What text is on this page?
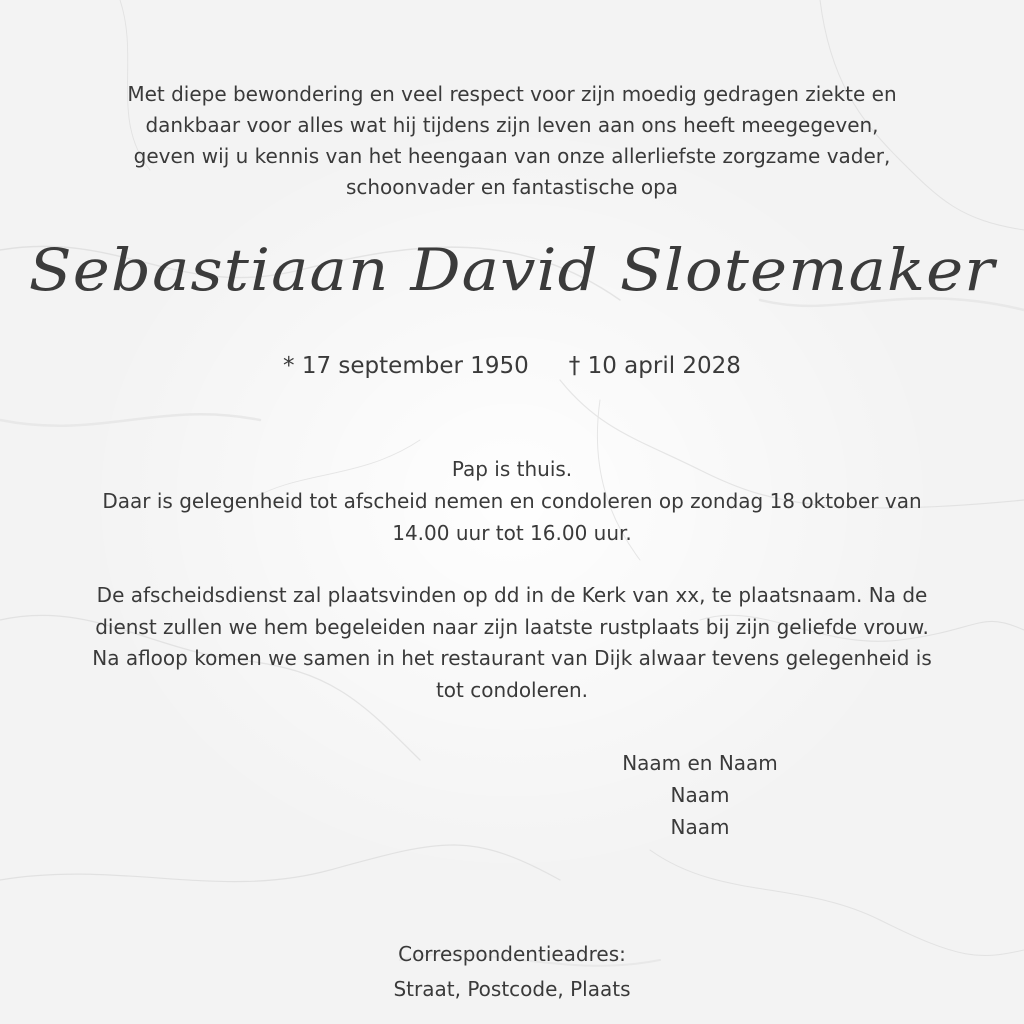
Met diepe bewondering en veel respect voor zijn moedig gedragen ziekte en
dankbaar voor alles wat hij tijdens zijn leven aan ons heeft meegegeven,
geven wij u kennis van het heengaan van onze allerliefste zorgzame vader,
schoonvader en fantastische opa
Sebastiaan David Slotemaker
* 17 september 1950 † 10 april 2028
Pap is thuis.
Daar is gelegenheid tot afscheid nemen en condoleren op zondag 18 oktober van
14.00 uur tot 16.00 uur.
De afscheidsdienst zal plaatsvinden op dd in de Kerk van xx, te plaatsnaam. Na de
dienst zullen we hem begeleiden naar zijn laatste rustplaats bij zijn geliefde vrouw.
Na afloop komen we samen in het restaurant van Dijk alwaar tevens gelegenheid is
tot condoleren.
Naam en Naam
Naam
Naam
Correspondentieadres:
Straat, Postcode, Plaats
